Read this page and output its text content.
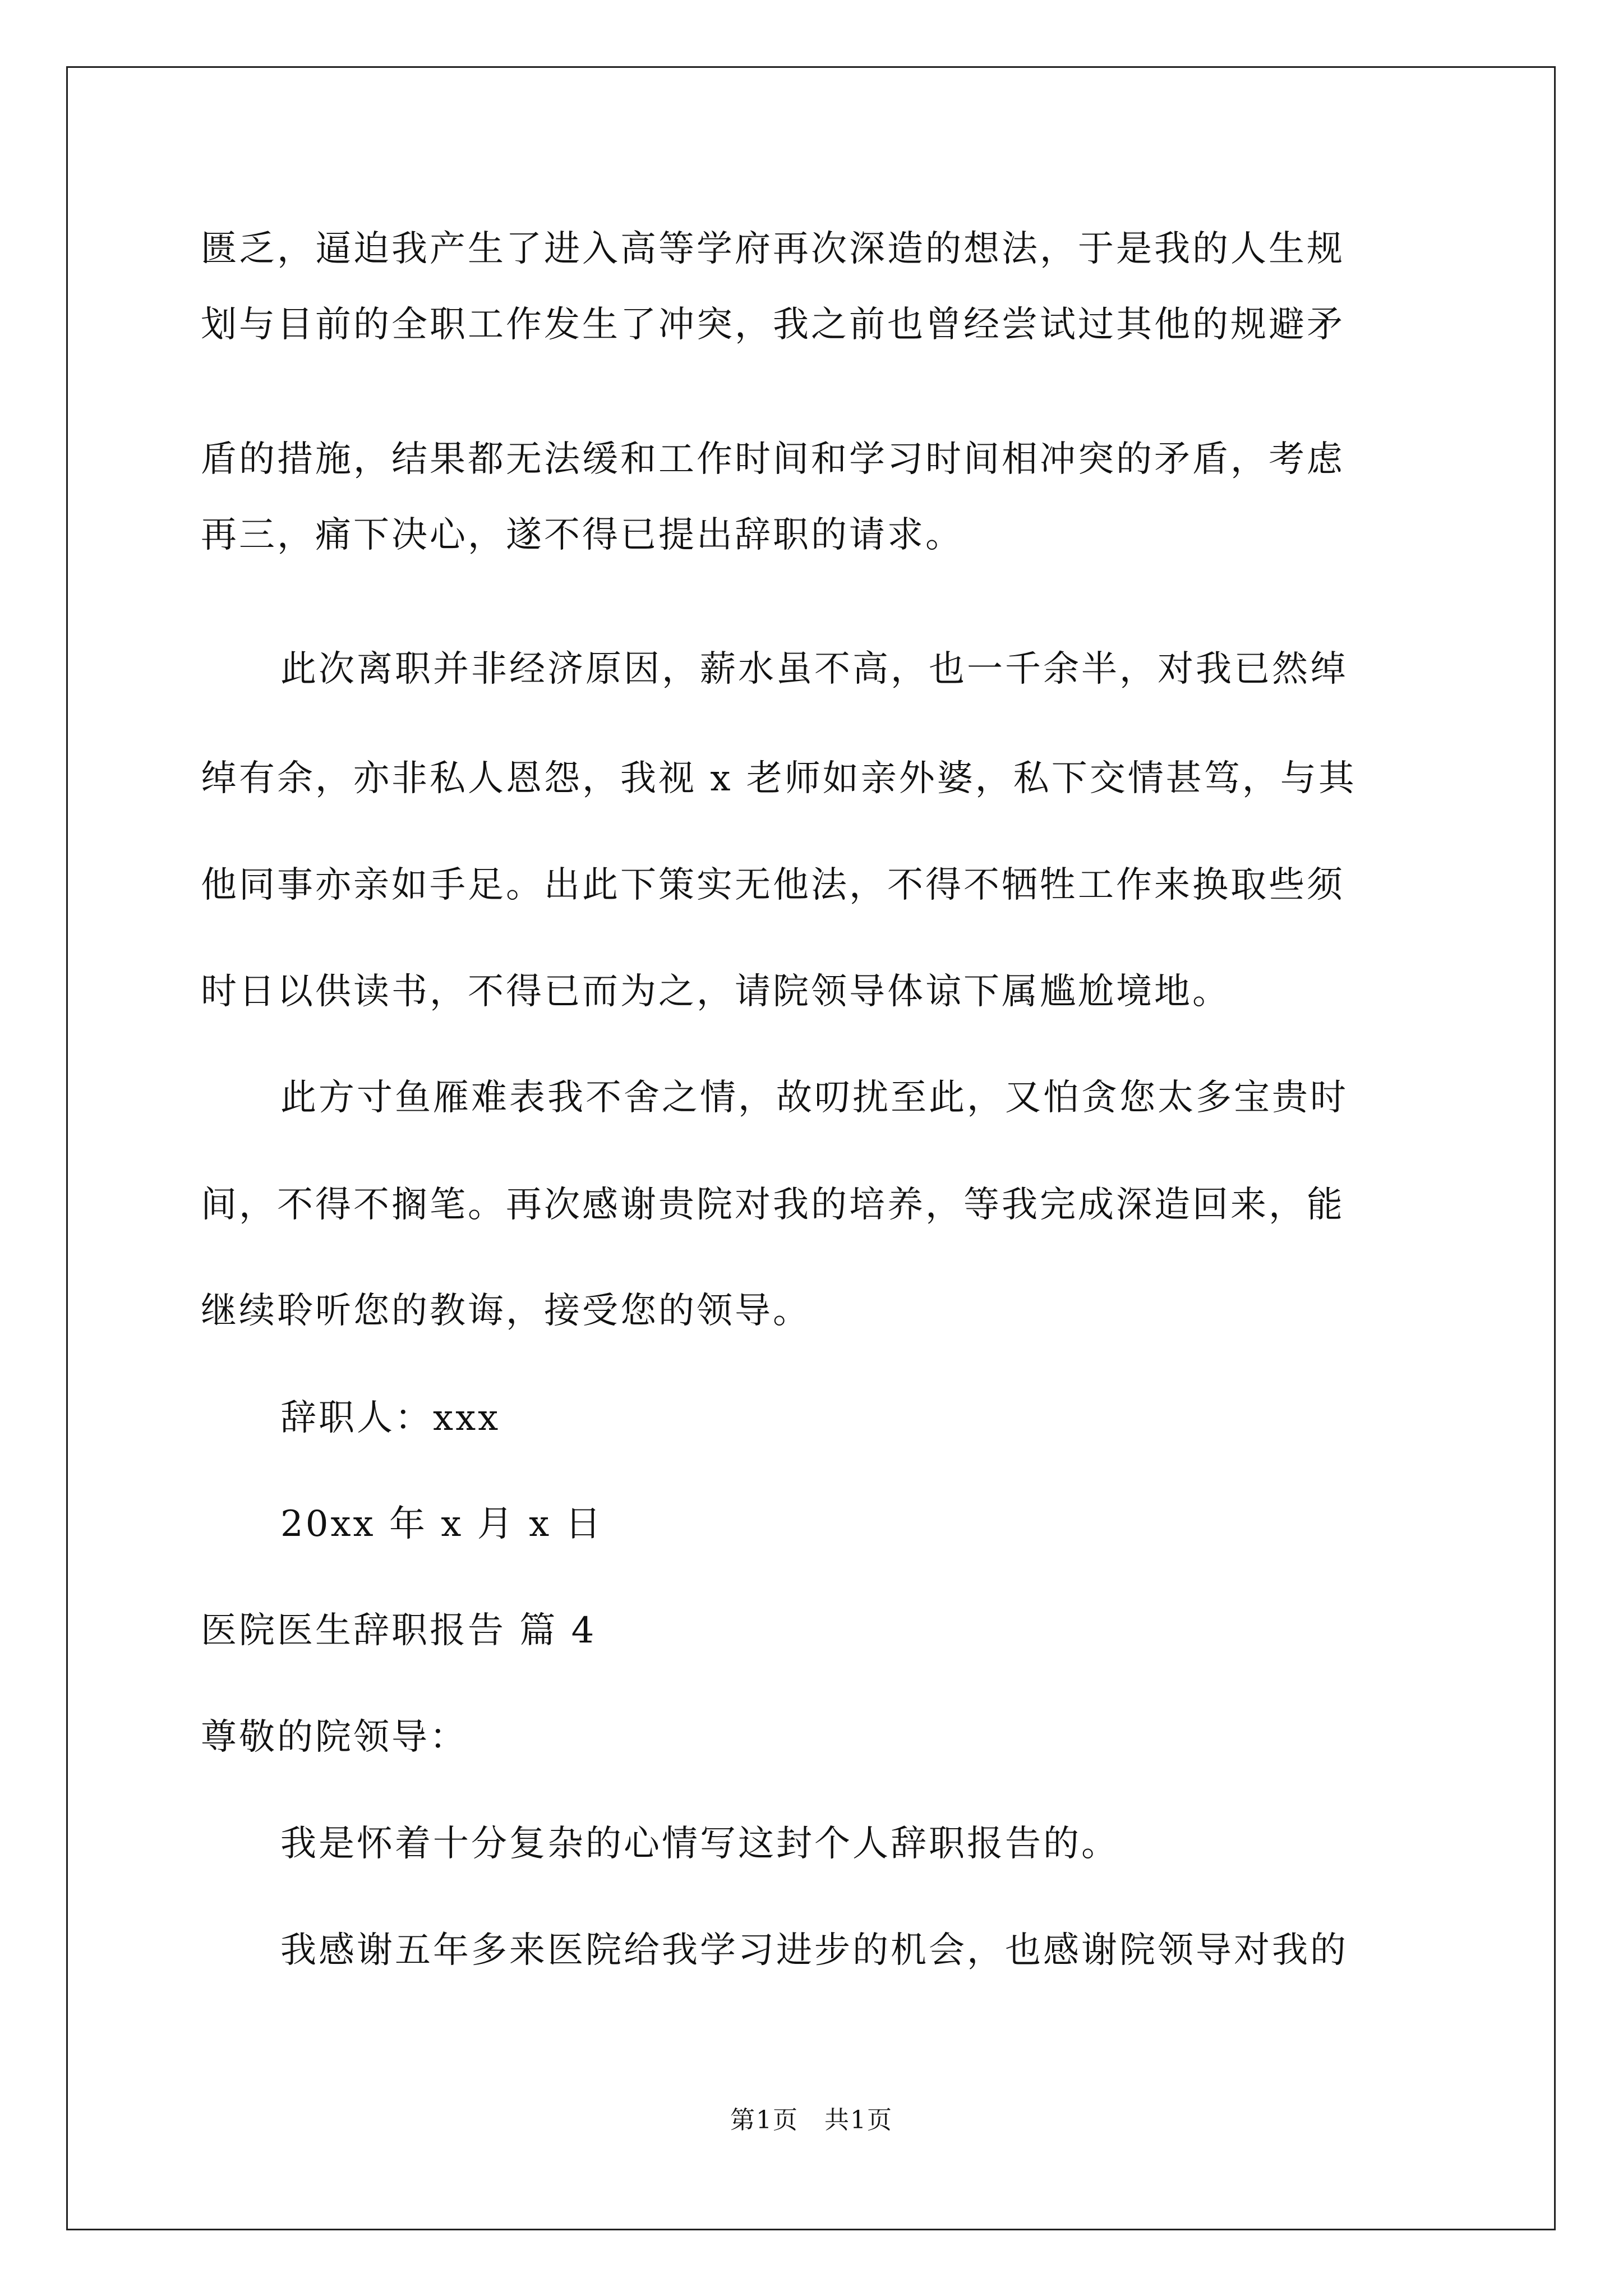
匮乏，逼迫我产生了进入高等学府再次深造的想法，于是我的人生规
划与目前的全职工作发生了冲突，我之前也曾经尝试过其他的规避矛
盾的措施，结果都无法缓和工作时间和学习时间相冲突的矛盾，考虑
再三，痛下决心，遂不得已提出辞职的请求。
此次离职并非经济原因，薪水虽不高，也一千余半，对我已然绰
绰有余，亦非私人恩怨，我视 x 老师如亲外婆，私下交情甚笃，与其
他同事亦亲如手足。出此下策实无他法，不得不牺牲工作来换取些须
时日以供读书，不得已而为之，请院领导体谅下属尴尬境地。
此方寸鱼雁难表我不舍之情，故叨扰至此，又怕贪您太多宝贵时
间，不得不搁笔。再次感谢贵院对我的培养，等我完成深造回来，能
继续聆听您的教诲，接受您的领导。
辞职人：xxx
20xx 年 x 月 x 日
医院医生辞职报告 篇 4
尊敬的院领导：
我是怀着十分复杂的心情写这封个人辞职报告的。
我感谢五年多来医院给我学习进步的机会，也感谢院领导对我的
第1页　共1页
